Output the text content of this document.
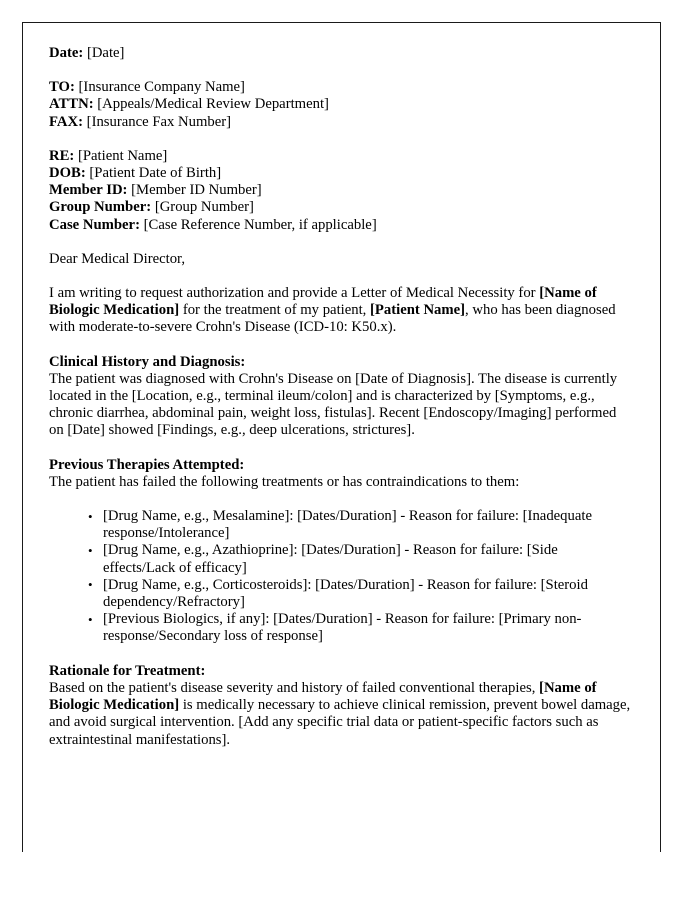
Date: [Date]
TO: [Insurance Company Name]
ATTN: [Appeals/Medical Review Department]
FAX: [Insurance Fax Number]
RE: [Patient Name]
DOB: [Patient Date of Birth]
Member ID: [Member ID Number]
Group Number: [Group Number]
Case Number: [Case Reference Number, if applicable]
Dear Medical Director,
I am writing to request authorization and provide a Letter of Medical Necessity for [Name of Biologic Medication] for the treatment of my patient, [Patient Name], who has been diagnosed with moderate-to-severe Crohn's Disease (ICD-10: K50.x).
Clinical History and Diagnosis:
The patient was diagnosed with Crohn's Disease on [Date of Diagnosis]. The disease is currently located in the [Location, e.g., terminal ileum/colon] and is characterized by [Symptoms, e.g., chronic diarrhea, abdominal pain, weight loss, fistulas]. Recent [Endoscopy/Imaging] performed on [Date] showed [Findings, e.g., deep ulcerations, strictures].
Previous Therapies Attempted:
The patient has failed the following treatments or has contraindications to them:
• [Drug Name, e.g., Mesalamine]: [Dates/Duration] - Reason for failure: [Inadequate response/Intolerance]
• [Drug Name, e.g., Azathioprine]: [Dates/Duration] - Reason for failure: [Side effects/Lack of efficacy]
• [Drug Name, e.g., Corticosteroids]: [Dates/Duration] - Reason for failure: [Steroid dependency/Refractory]
• [Previous Biologics, if any]: [Dates/Duration] - Reason for failure: [Primary non-response/Secondary loss of response]
Rationale for Treatment:
Based on the patient's disease severity and history of failed conventional therapies, [Name of Biologic Medication] is medically necessary to achieve clinical remission, prevent bowel damage, and avoid surgical intervention. [Add any specific trial data or patient-specific factors such as extraintestinal manifestations].
